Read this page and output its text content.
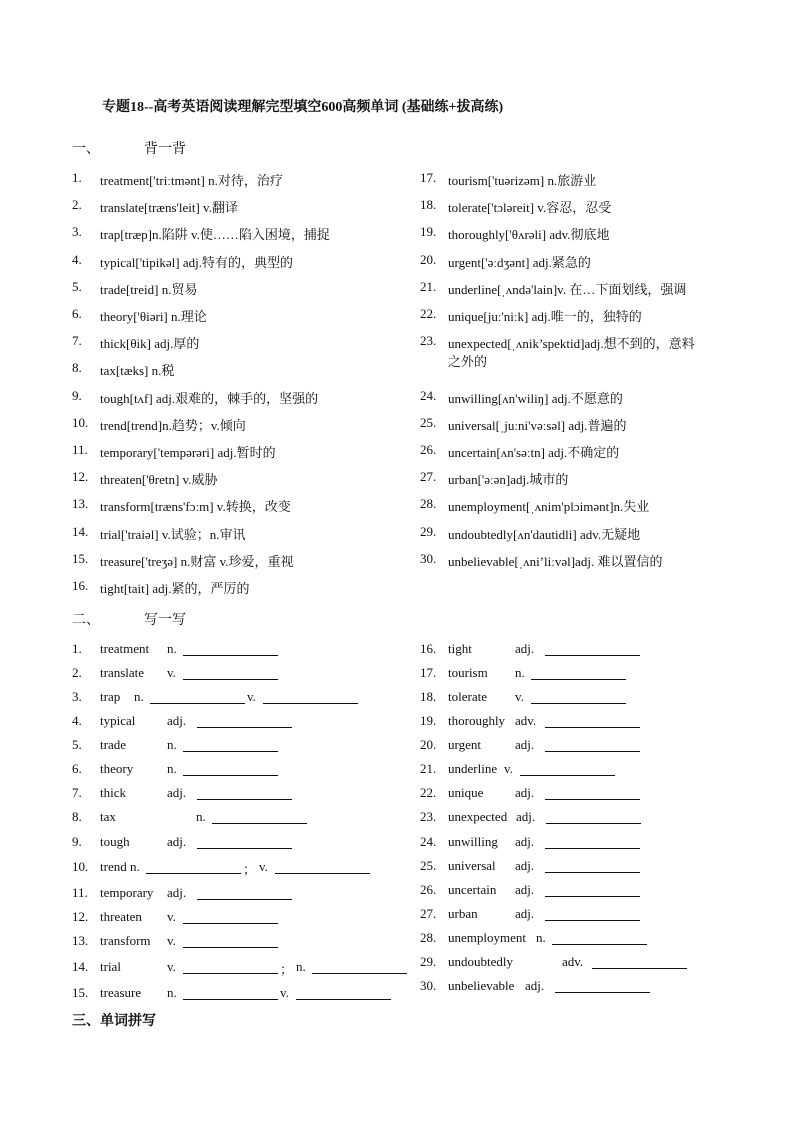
专题18--高考英语阅读理解完型填空600高频单词 (基础练+拔高练)
一、	背一背
1. treatment['triːtmənt] n.对待，治疗
2. translate[træns'leit] v.翻译
3. trap[træp]n.陷阱 v.使……陷入困境，捕捉
4. typical['tipikəl] adj.特有的，典型的
5. trade[treid] n.贸易
6. theory['θiəri] n.理论
7. thick[θik] adj.厚的
8. tax[tæks] n.税
9. tough[tʌf] adj.艰难的，棘手的，坚强的
10. trend[trend]n.趋势；v.倾向
11. temporary['tempərəri] adj.暂时的
12. threaten['θretn] v.威胁
13. transform[træns'fɔːm] v.转换，改变
14. trial['traiəl] v.试验；n.审讯
15. treasure['treʒə] n.财富 v.珍爱，重视
16. tight[tait] adj.紧的，严厉的
17. tourism['tuərizəm] n.旅游业
18. tolerate['tɔləreit] v.容忍，忍受
19. thoroughly['θʌrəli] adv.彻底地
20. urgent['əːdʒənt] adj.紧急的
21. underline[ˌʌndə'lain]v. 在…下面划线，强调
22. unique[juː'niːk] adj.唯一的，独特的
23. unexpected[ˌʌnik’spektid]adj.想不到的，意料
之外的
24. unwilling[ʌn'wiliŋ] adj.不愿意的
25. universal[ˌjuːni'vəːsəl] adj.普遍的
26. uncertain[ʌn'səːtn] adj.不确定的
27. urban['əːən]adj.城市的
28. unemployment[ˌʌnim'plɔimənt]n.失业
29. undoubtedly[ʌn'dautidli] adv.无疑地
30. unbelievable[ˌʌni’liːvəl]adj. 难以置信的
二、	写一写
1. treatment n.
2. translate v.
3. trap n.	v.
4. typical adj.
5. trade	n.
6. theory	n.
7. thick	adj.
8. tax	n.
9. tough	adj.
10. trend n.	； v.
11. temporary adj.
12. threaten v.
13. transform v.
14. trial	v.	； n.
15. treasure n.	v.
16. tight	adj.
17. tourism n.
18. tolerate v.
19. thoroughly adv.
20. urgent	adj.
21. underline v.
22. unique adj.
23. unexpected adj.
24. unwilling adj.
25. universal adj.
26. uncertain adj.
27. urban	adj.
28. unemployment n.
29. undoubtedly	adv.
30. unbelievable adj.
三、单词拼写
